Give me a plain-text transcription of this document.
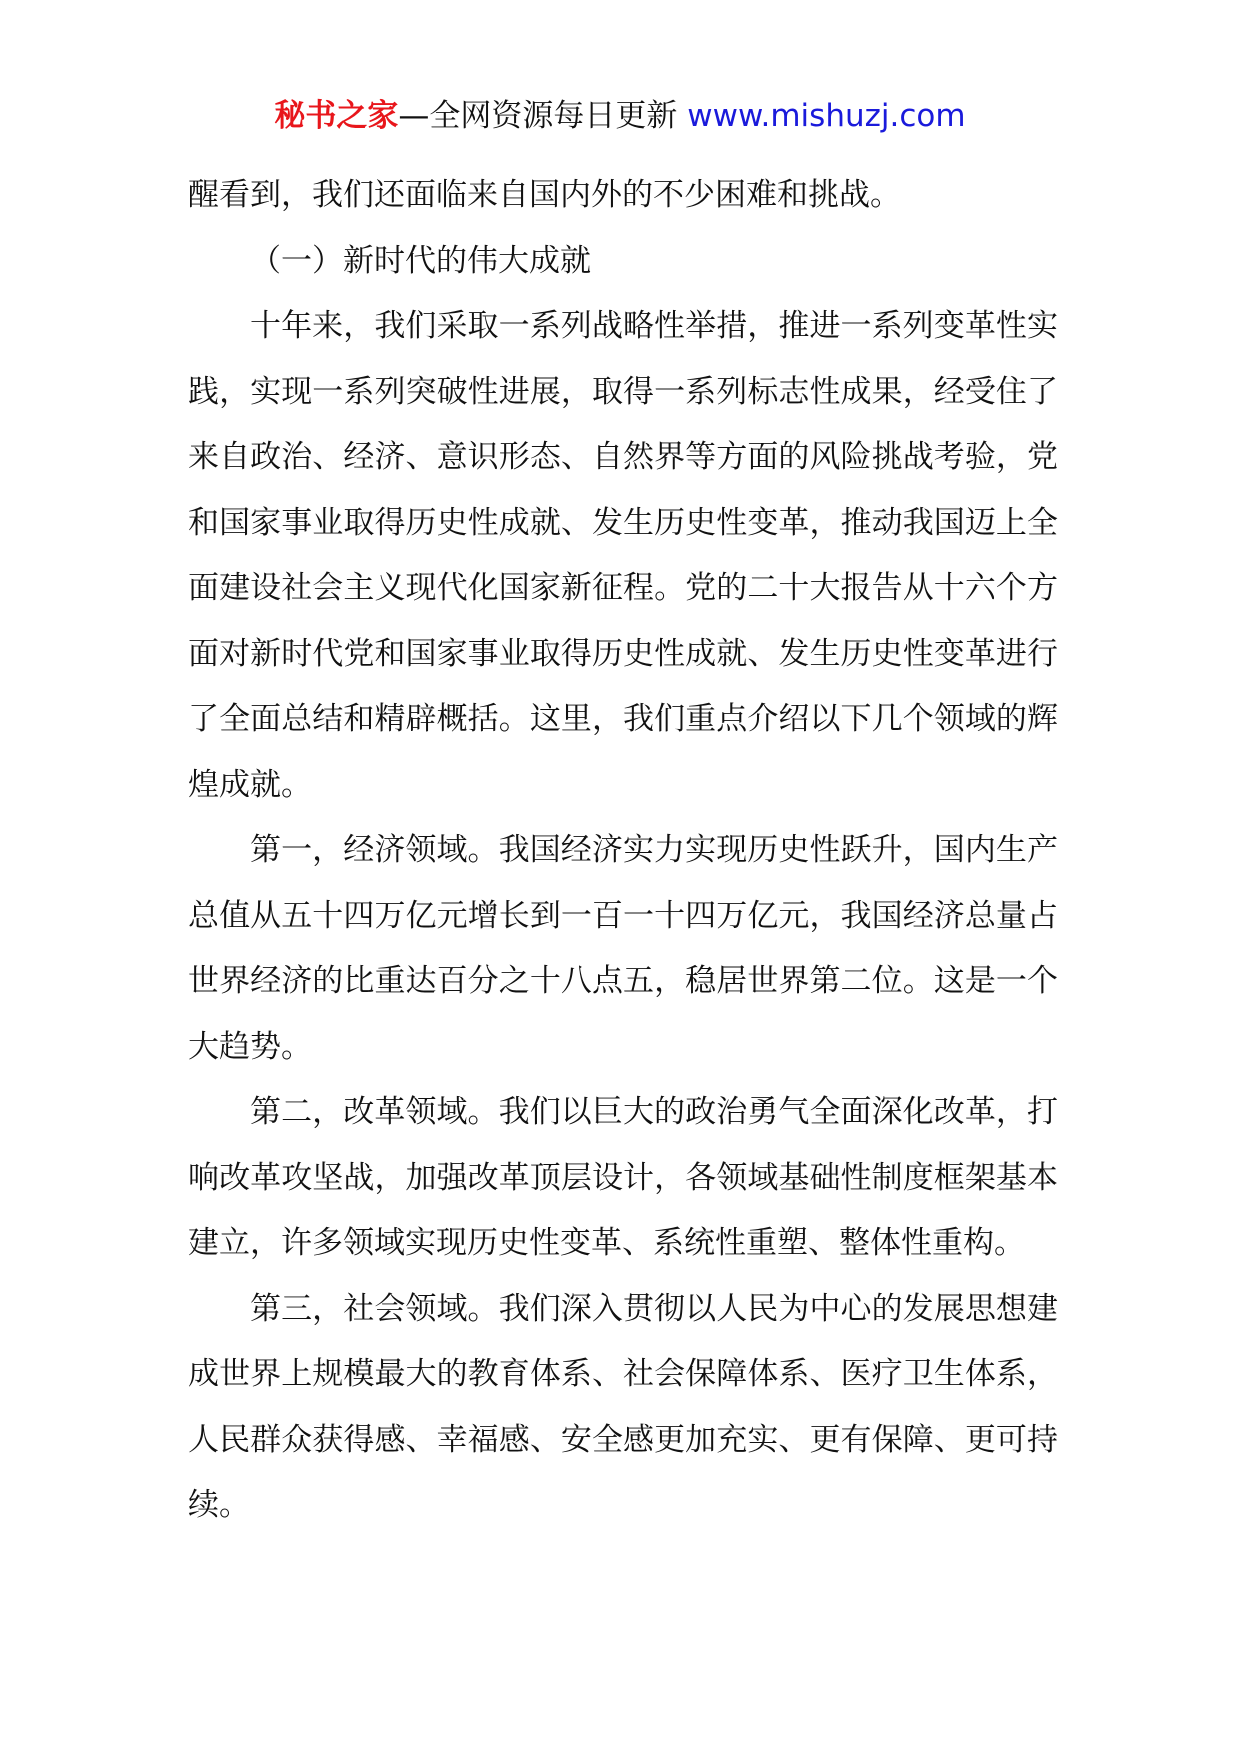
秘书之家—全网资源每日更新 www.mishuzj.com

醒看到，我们还面临来自国内外的不少困难和挑战。

（一）新时代的伟大成就

十年来，我们采取一系列战略性举措，推进一系列变革性实践，实现一系列突破性进展，取得一系列标志性成果，经受住了来自政治、经济、意识形态、自然界等方面的风险挑战考验，党和国家事业取得历史性成就、发生历史性变革，推动我国迈上全面建设社会主义现代化国家新征程。党的二十大报告从十六个方面对新时代党和国家事业取得历史性成就、发生历史性变革进行了全面总结和精辟概括。这里，我们重点介绍以下几个领域的辉煌成就。

第一，经济领域。我国经济实力实现历史性跃升，国内生产总值从五十四万亿元增长到一百一十四万亿元，我国经济总量占世界经济的比重达百分之十八点五，稳居世界第二位。这是一个大趋势。

第二，改革领域。我们以巨大的政治勇气全面深化改革，打响改革攻坚战，加强改革顶层设计，各领域基础性制度框架基本建立，许多领域实现历史性变革、系统性重塑、整体性重构。

第三，社会领域。我们深入贯彻以人民为中心的发展思想建成世界上规模最大的教育体系、社会保障体系、医疗卫生体系，人民群众获得感、幸福感、安全感更加充实、更有保障、更可持续。
